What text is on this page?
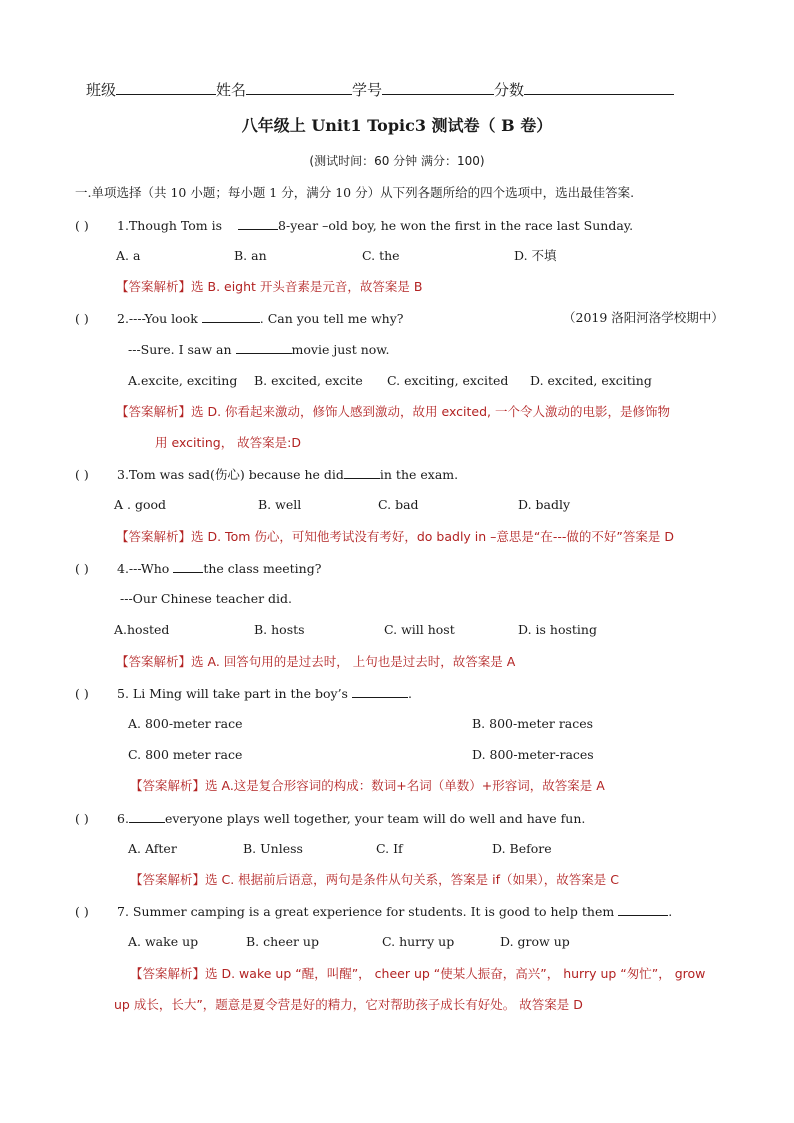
班级	姓名	学号	分数
八年级上 Unit1 Topic3 测试卷（ B 卷）
(测试时间：60 分钟 满分：100)
一.单项选择（共 10 小题；每小题 1 分，满分 10 分）从下列各题所给的四个选项中，选出最佳答案.
( ) 1.Though Tom is	8-year –old boy, he won the first in the race last Sunday.
A. a	B. an	C. the	D. 不填
【答案解析】选 B. eight 开头音素是元音，故答案是 B
( ) 2.----You look	. Can you tell me why?	（2019 洛阳河洛学校期中）
---Sure. I saw an	movie just now.
A.excite, exciting B. excited, excite C. exciting, excited D. excited, exciting
【答案解析】选 D. 你看起来激动，修饰人感到激动，故用 excited, 一个令人激动的电影，是修饰物
用 exciting， 故答案是:D
( ) 3.Tom was sad(伤心) because he did	in the exam.
A . good	B. well	C. bad	D. badly
【答案解析】选 D. Tom 伤心，可知他考试没有考好，do badly in –意思是“在---做的不好”答案是 D
( ) 4.---Who the class meeting?
---Our Chinese teacher did.
A.hosted	B. hosts	C. will host	D. is hosting
【答案解析】选 A. 回答句用的是过去时， 上句也是过去时，故答案是 A
( ) 5. Li Ming will take part in the boy’s	.
A. 800-meter race	B. 800-meter races
C. 800 meter race	D. 800-meter-races
【答案解析】选 A.这是复合形容词的构成：数词+名词（单数）+形容词，故答案是 A
( ) 6.	everyone plays well together, your team will do well and have fun.
A. After	B. Unless	C. If	D. Before
【答案解析】选 C. 根据前后语意，两句是条件从句关系，答案是 if（如果），故答案是 C
( ) 7. Summer camping is a great experience for students. It is good to help them	.
A. wake up	B. cheer up	C. hurry up	D. grow up
【答案解析】选 D. wake up “醒，叫醒”， cheer up “使某人振奋，高兴”， hurry up “匆忙”， grow
up 成长，长大”，题意是夏令营是好的精力，它对帮助孩子成长有好处。 故答案是 D
